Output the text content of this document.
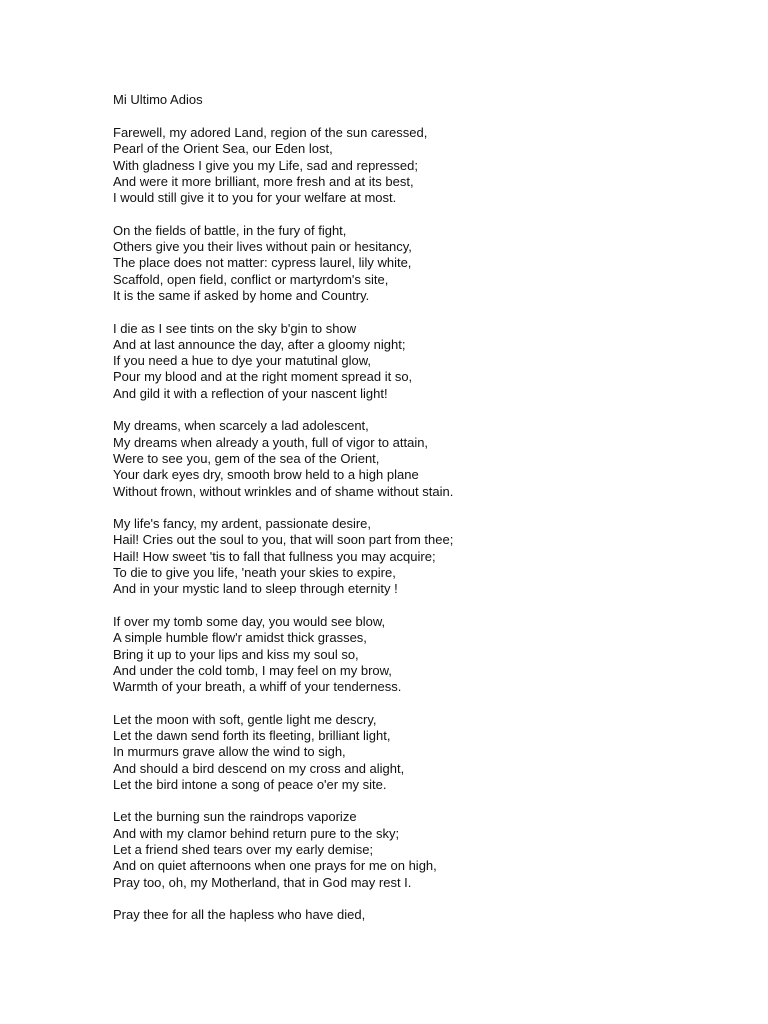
Mi Ultimo Adios
Farewell, my adored Land, region of the sun caressed,
Pearl of the Orient Sea, our Eden lost,
With gladness I give you my Life, sad and repressed;
And were it more brilliant, more fresh and at its best,
I would still give it to you for your welfare at most.
On the fields of battle, in the fury of fight,
Others give you their lives without pain or hesitancy,
The place does not matter: cypress laurel, lily white,
Scaffold, open field, conflict or martyrdom's site,
It is the same if asked by home and Country.
I die as I see tints on the sky b'gin to show
And at last announce the day, after a gloomy night;
If you need a hue to dye your matutinal glow,
Pour my blood and at the right moment spread it so,
And gild it with a reflection of your nascent light!
My dreams, when scarcely a lad adolescent,
My dreams when already a youth, full of vigor to attain,
Were to see you, gem of the sea of the Orient,
Your dark eyes dry, smooth brow held to a high plane
Without frown, without wrinkles and of shame without stain.
My life's fancy, my ardent, passionate desire,
Hail! Cries out the soul to you, that will soon part from thee;
Hail! How sweet 'tis to fall that fullness you may acquire;
To die to give you life, 'neath your skies to expire,
And in your mystic land to sleep through eternity !
If over my tomb some day, you would see blow,
A simple humble flow'r amidst thick grasses,
Bring it up to your lips and kiss my soul so,
And under the cold tomb, I may feel on my brow,
Warmth of your breath, a whiff of your tenderness.
Let the moon with soft, gentle light me descry,
Let the dawn send forth its fleeting, brilliant light,
In murmurs grave allow the wind to sigh,
And should a bird descend on my cross and alight,
Let the bird intone a song of peace o'er my site.
Let the burning sun the raindrops vaporize
And with my clamor behind return pure to the sky;
Let a friend shed tears over my early demise;
And on quiet afternoons when one prays for me on high,
Pray too, oh, my Motherland, that in God may rest I.
Pray thee for all the hapless who have died,
